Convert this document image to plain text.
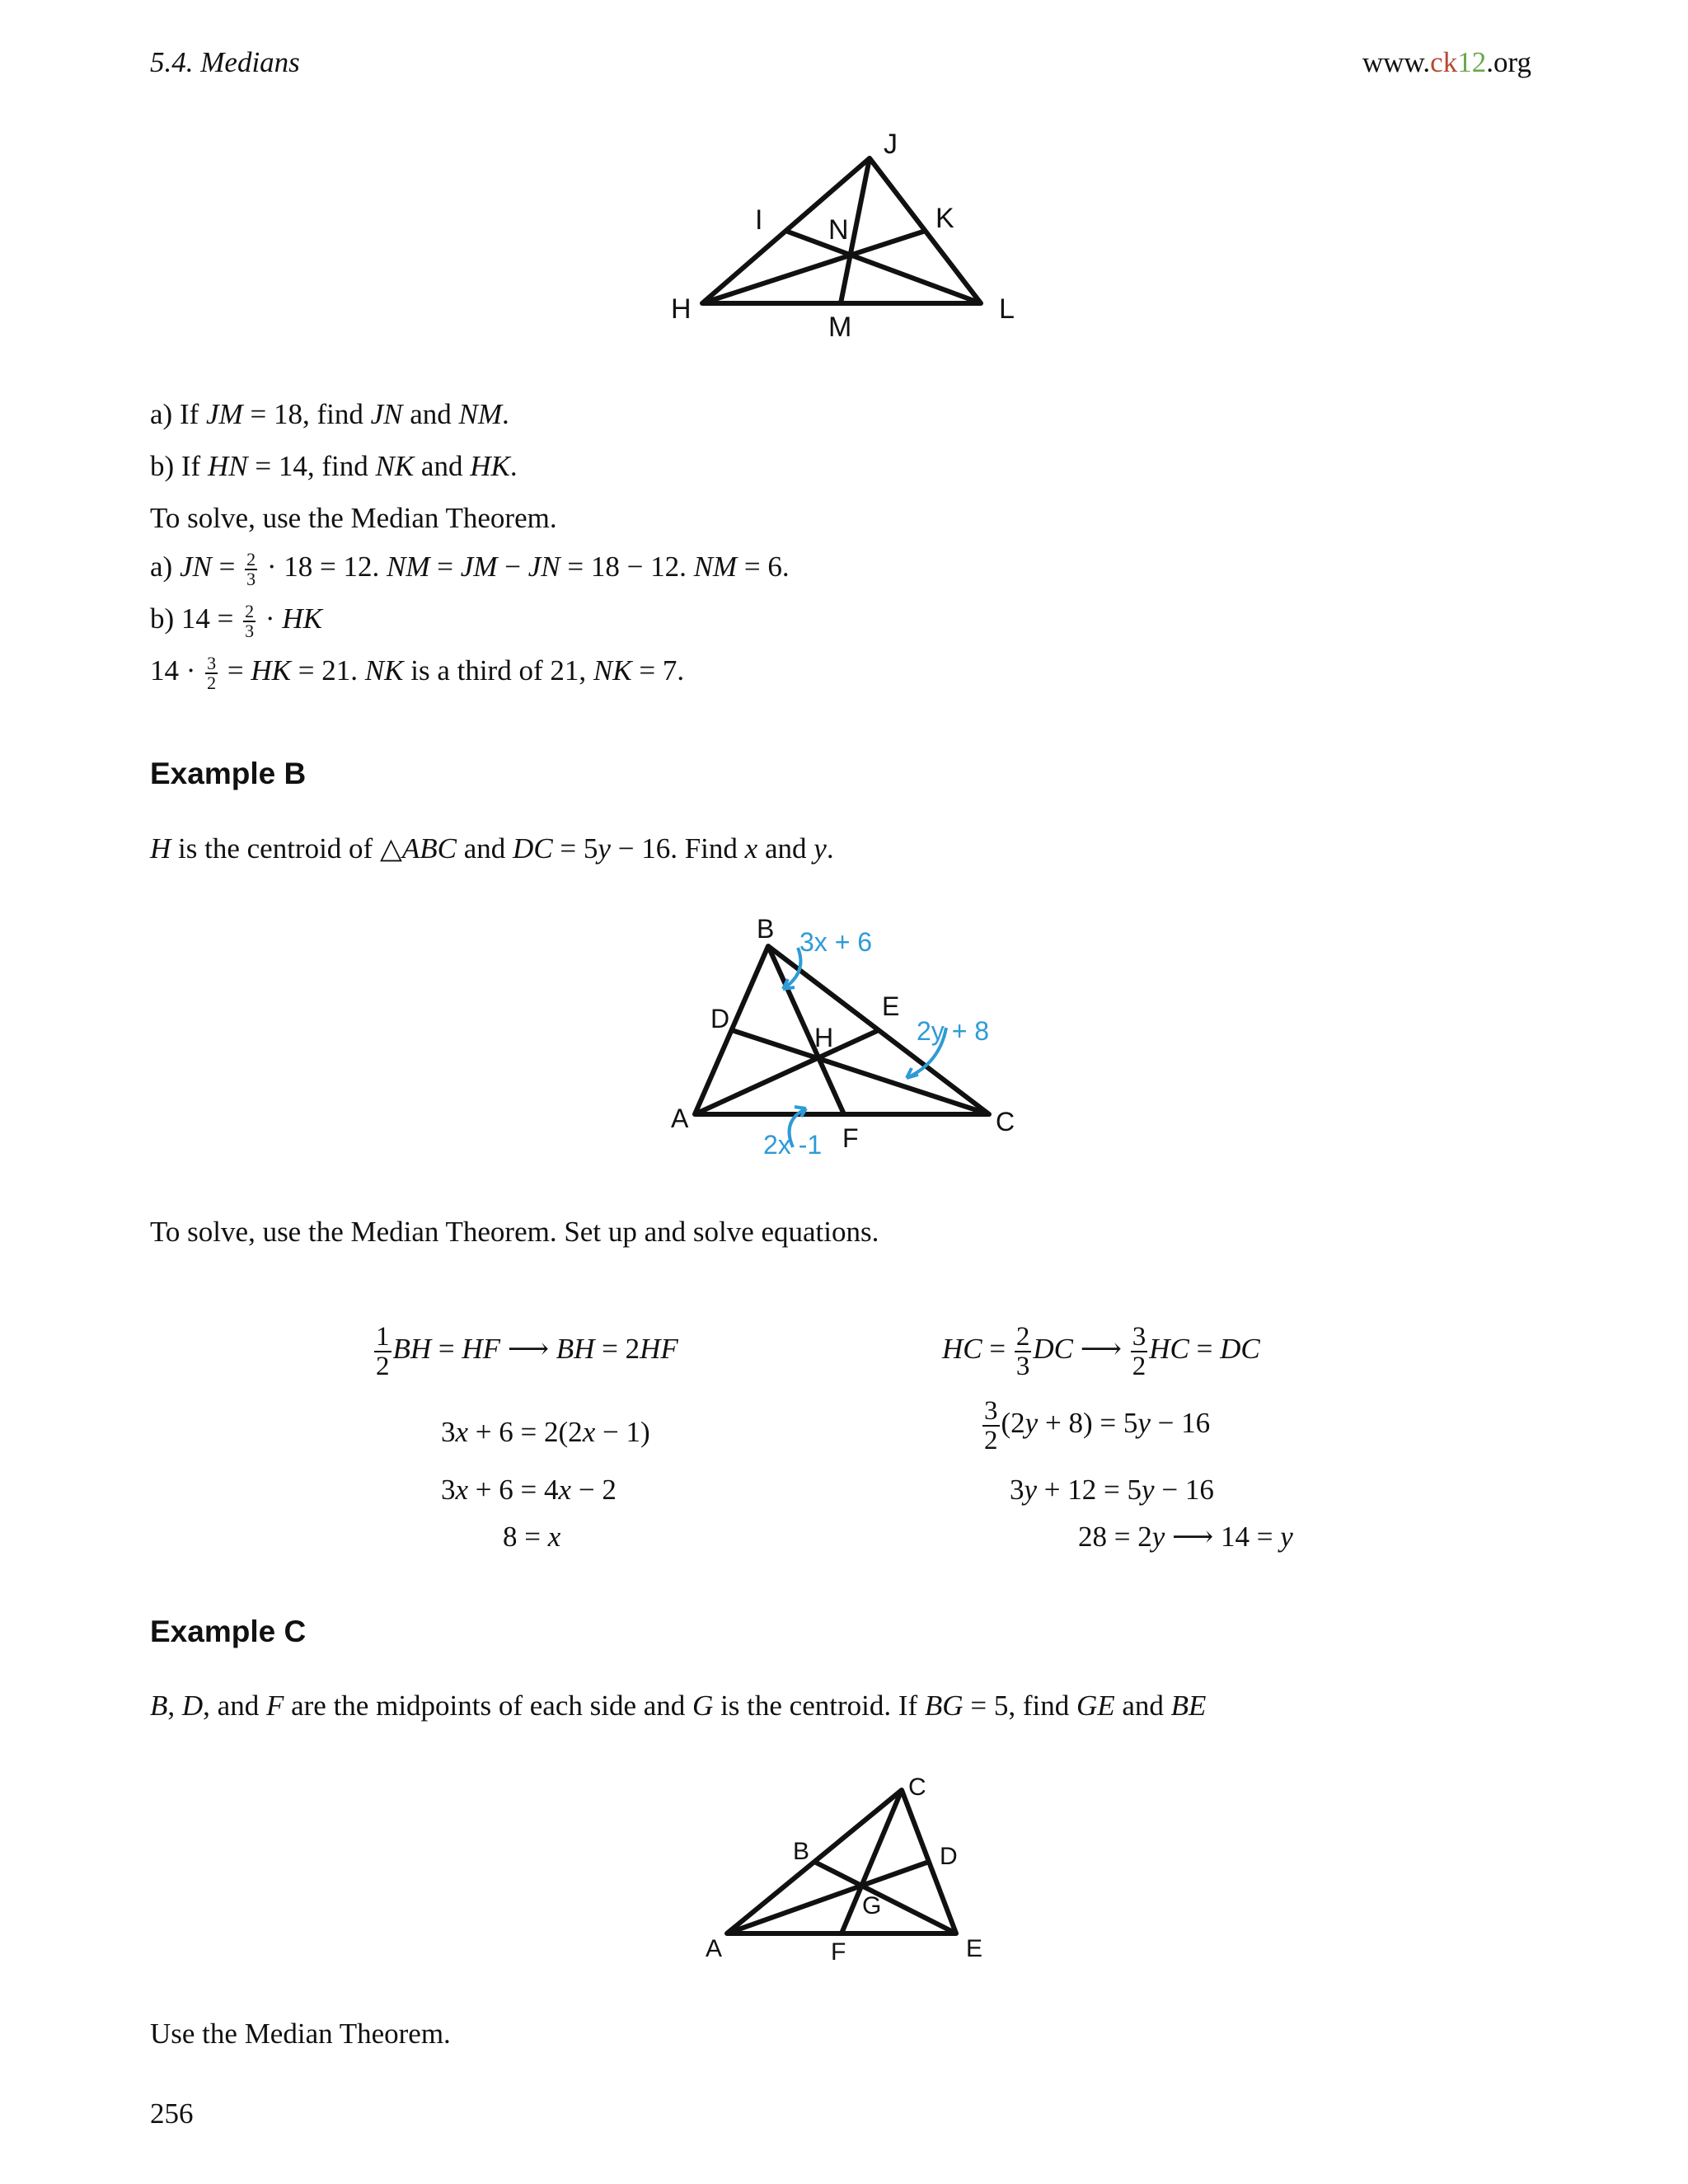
5.4. Medians	www.ck12.org
J
I N	K
H
M
L
a) If JM = 18, find JN and NM.
b) If HN = 14, find NK and HK.
To solve, use the Median Theorem.
a) JN = $\frac{2}{3} \cdot 18 = 12$. NM = JM − JN = 18 − 12. NM = 6.
b) $14 = \frac{2}{3}$ · HK
$14 \cdot \frac{3}{2}$ = HK = 21. NK is a third of 21, NK = 7.
Example B
H is the centroid of △ABC and DC = 5y − 16. Find x and y.
B
D	E
H
A
F
C
3x + 6
2y + 8
2x -1
To solve, use the Median Theorem. Set up and solve equations.
$\frac{1}{2}$ BH = HF ⟶ BH = 2HF
3x + 6 = 2(2x − 1)
3x + 6 = 4x − 2
8 = x
HC = $\frac{2}{3}$ DC ⟶ $\frac{3}{2}$ HC = DC
$\frac{3}{2} (2y + 8) = 5y - 16$
3y + 12 = 5y − 16
28 = 2y ⟶ 14 = y
Example C
B, D, and F are the midpoints of each side and G is the centroid. If BG = 5, find GE and BE
C
B	D
G
A	F	E
Use the Median Theorem.
256
